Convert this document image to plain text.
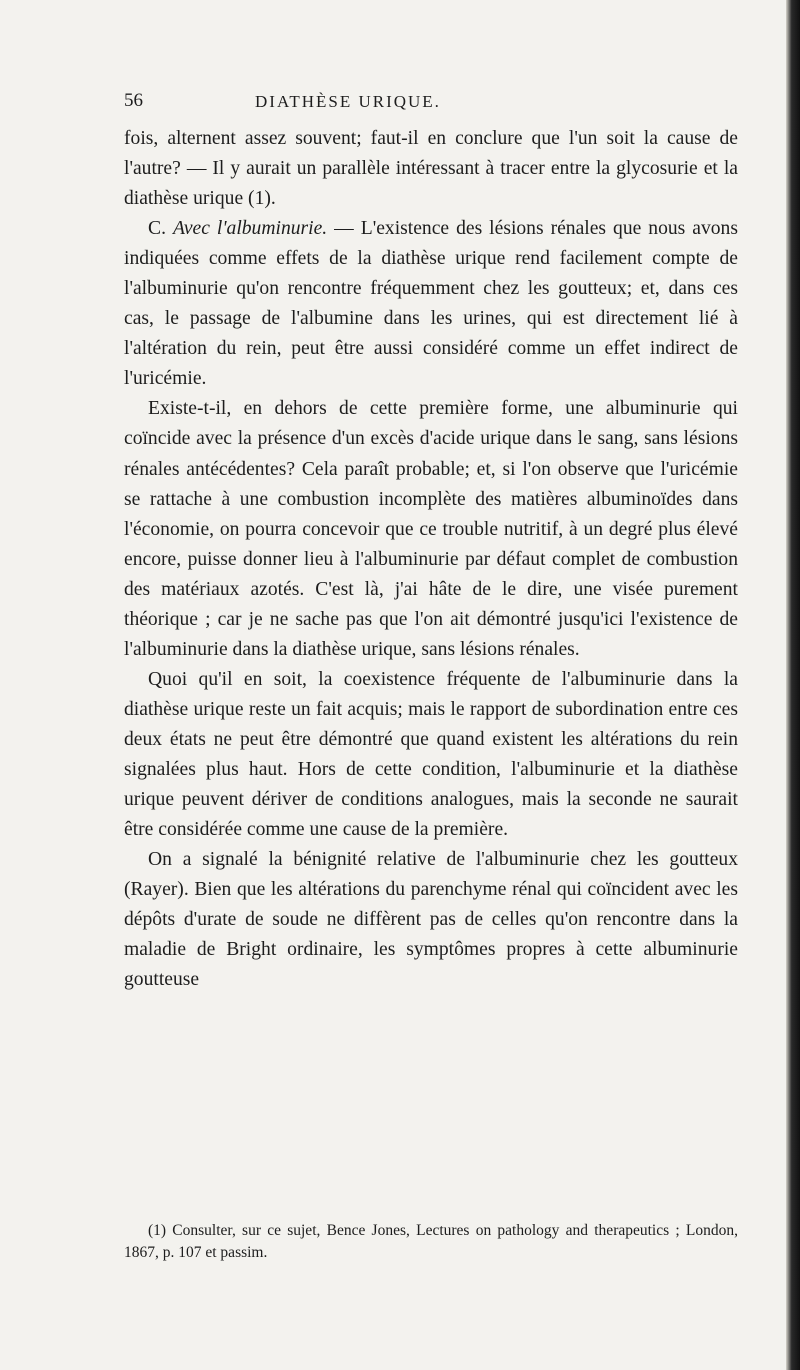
56	DIATHÈSE URIQUE.

fois, alternent assez souvent; faut-il en conclure que l'un soit la cause de l'autre? — Il y aurait un parallèle intéressant à tracer entre la glycosurie et la diathèse urique (1).

C. Avec l'albuminurie. — L'existence des lésions rénales que nous avons indiquées comme effets de la diathèse urique rend facilement compte de l'albuminurie qu'on rencontre fréquemment chez les goutteux; et, dans ces cas, le passage de l'albumine dans les urines, qui est directement lié à l'altération du rein, peut être aussi considéré comme un effet indirect de l'uricémie.

Existe-t-il, en dehors de cette première forme, une albuminurie qui coïncide avec la présence d'un excès d'acide urique dans le sang, sans lésions rénales antécédentes? Cela paraît probable; et, si l'on observe que l'uricémie se rattache à une combustion incomplète des matières albuminoïdes dans l'économie, on pourra concevoir que ce trouble nutritif, à un degré plus élevé encore, puisse donner lieu à l'albuminurie par défaut complet de combustion des matériaux azotés. C'est là, j'ai hâte de le dire, une visée purement théorique ; car je ne sache pas que l'on ait démontré jusqu'ici l'existence de l'albuminurie dans la diathèse urique, sans lésions rénales.

Quoi qu'il en soit, la coexistence fréquente de l'albuminurie dans la diathèse urique reste un fait acquis; mais le rapport de subordination entre ces deux états ne peut être démontré que quand existent les altérations du rein signalées plus haut. Hors de cette condition, l'albuminurie et la diathèse urique peuvent dériver de conditions analogues, mais la seconde ne saurait être considérée comme une cause de la première.

On a signalé la bénignité relative de l'albuminurie chez les goutteux (Rayer). Bien que les altérations du parenchyme rénal qui coïncident avec les dépôts d'urate de soude ne diffèrent pas de celles qu'on rencontre dans la maladie de Bright ordinaire, les symptômes propres à cette albuminurie goutteuse

(1) Consulter, sur ce sujet, Bence Jones, Lectures on pathology and therapeutics ; London, 1867, p. 107 et passim.
